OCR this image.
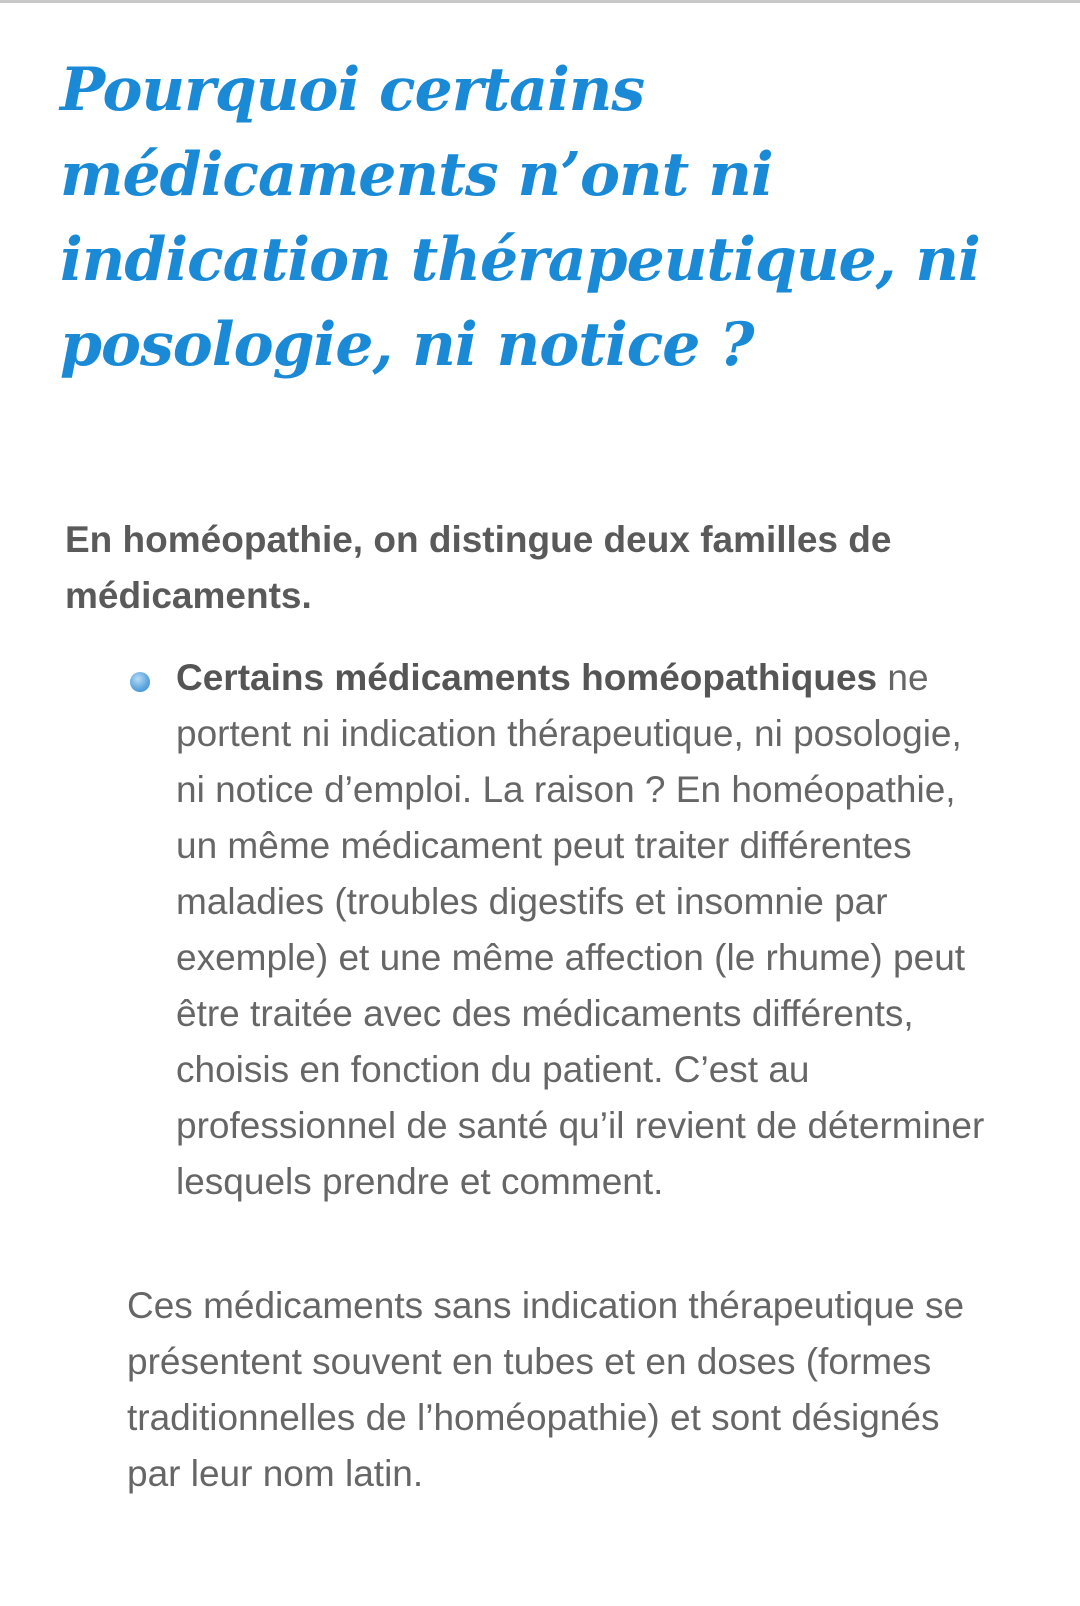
Pourquoi certains médicaments n’ont ni indication thérapeutique, ni posologie, ni notice ?

En homéopathie, on distingue deux familles de médicaments.

Certains médicaments homéopathiques ne portent ni indication thérapeutique, ni posologie, ni notice d’emploi. La raison ? En homéopathie, un même médicament peut traiter différentes maladies (troubles digestifs et insomnie par exemple) et une même affection (le rhume) peut être traitée avec des médicaments différents, choisis en fonction du patient. C’est au professionnel de santé qu’il revient de déterminer lesquels prendre et comment.

Ces médicaments sans indication thérapeutique se présentent souvent en tubes et en doses (formes traditionnelles de l’homéopathie) et sont désignés par leur nom latin.
